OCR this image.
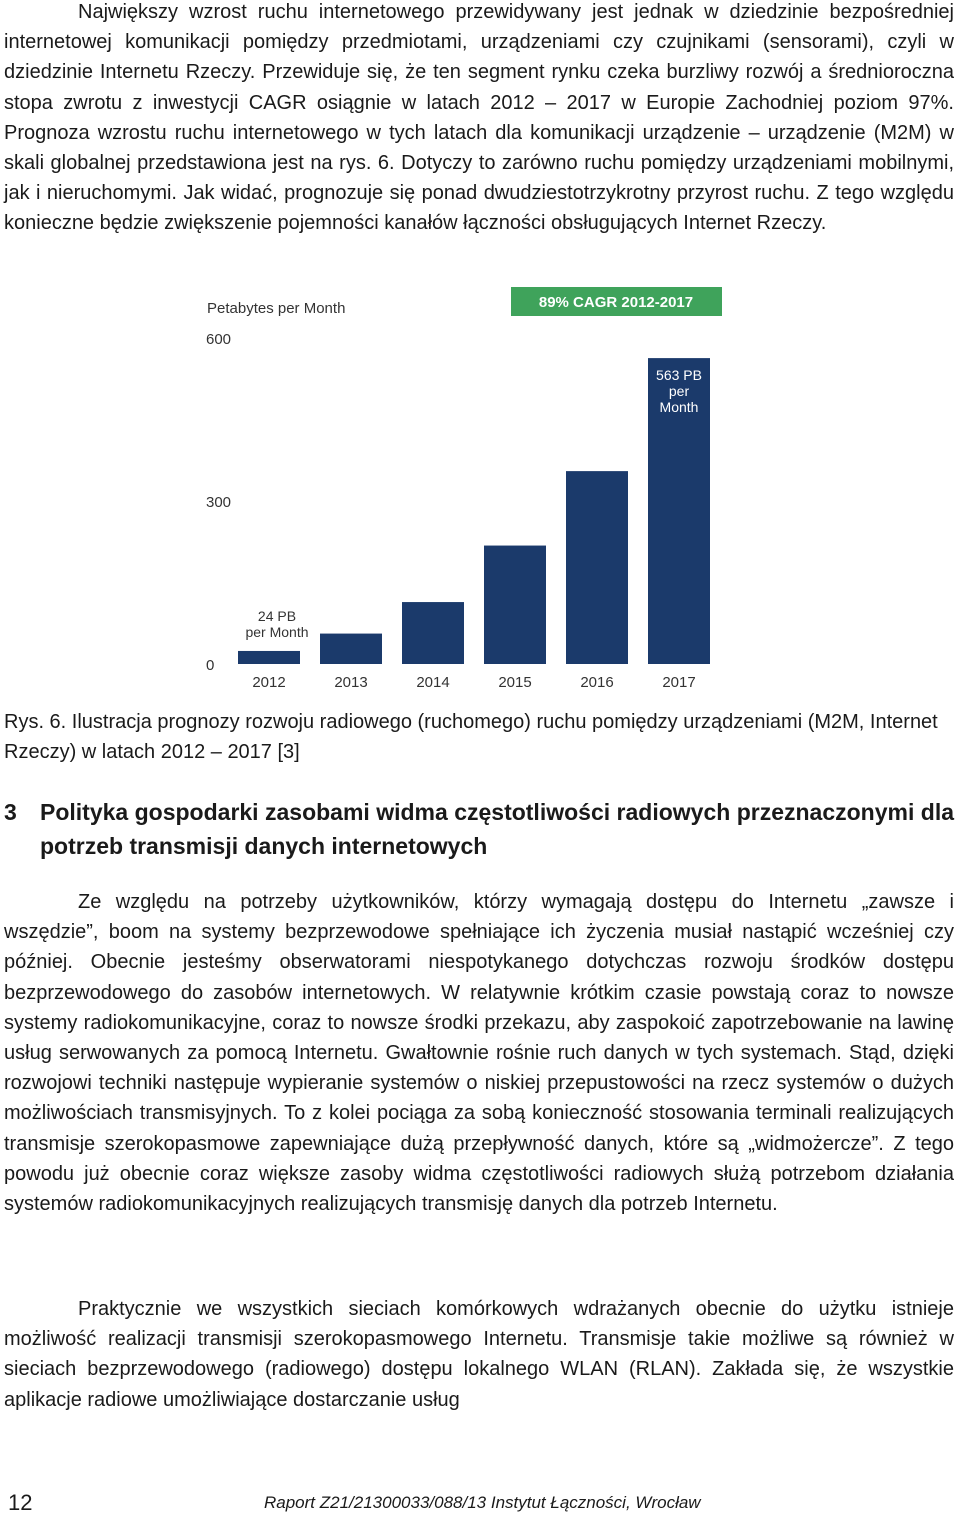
Największy wzrost ruchu internetowego przewidywany jest jednak w dziedzinie bezpośredniej internetowej komunikacji pomiędzy przedmiotami, urządzeniami czy czujnikami (sensorami), czyli w dziedzinie Internetu Rzeczy. Przewiduje się, że ten segment rynku czeka burzliwy rozwój a średnioroczna stopa zwrotu z inwestycji CAGR osiągnie w latach 2012 – 2017 w Europie Zachodniej poziom 97%. Prognoza wzrostu ruchu internetowego w tych latach dla komunikacji urządzenie – urządzenie (M2M) w skali globalnej przedstawiona jest na rys. 6. Dotyczy to zarówno ruchu pomiędzy urządzeniami mobilnymi, jak i nieruchomymi. Jak widać, prognozuje się ponad dwudziestotrzykrotny przyrost ruchu. Z tego względu konieczne będzie zwiększenie pojemności kanałów łączności obsługujących Internet Rzeczy.

89% CAGR 2012-2017
Petabytes per Month
0
300
600
2012	2013	2014	2015	2016	2017
24 PB
per Month
563 PB
per
Month

Rys. 6. Ilustracja prognozy rozwoju radiowego (ruchomego) ruchu pomiędzy urządzeniami (M2M, Internet Rzeczy) w latach 2012 – 2017 [3]

3	Polityka gospodarki zasobami widma częstotliwości radiowych przeznaczonymi dla potrzeb transmisji danych internetowych

Ze względu na potrzeby użytkowników, którzy wymagają dostępu do Internetu „zawsze i wszędzie”, boom na systemy bezprzewodowe spełniające ich życzenia musiał nastąpić wcześniej czy później. Obecnie jesteśmy obserwatorami niespotykanego dotychczas rozwoju środków dostępu bezprzewodowego do zasobów internetowych. W relatywnie krótkim czasie powstają coraz to nowsze systemy radiokomunikacyjne, coraz to nowsze środki przekazu, aby zaspokoić zapotrzebowanie na lawinę usług serwowanych za pomocą Internetu. Gwałtownie rośnie ruch danych w tych systemach. Stąd, dzięki rozwojowi techniki następuje wypieranie systemów o niskiej przepustowości na rzecz systemów o dużych możliwościach transmisyjnych. To z kolei pociąga za sobą konieczność stosowania terminali realizujących transmisje szerokopasmowe zapewniające dużą przepływność danych, które są „widmożercze”. Z tego powodu już obecnie coraz większe zasoby widma częstotliwości radiowych służą potrzebom działania systemów radiokomunikacyjnych realizujących transmisję danych dla potrzeb Internetu.

Praktycznie we wszystkich sieciach komórkowych wdrażanych obecnie do użytku istnieje możliwość realizacji transmisji szerokopasmowego Internetu. Transmisje takie możliwe są również w sieciach bezprzewodowego (radiowego) dostępu lokalnego WLAN (RLAN). Zakłada się, że wszystkie aplikacje radiowe umożliwiające dostarczanie usług

12	Raport Z21/21300033/088/13 Instytut Łączności, Wrocław
